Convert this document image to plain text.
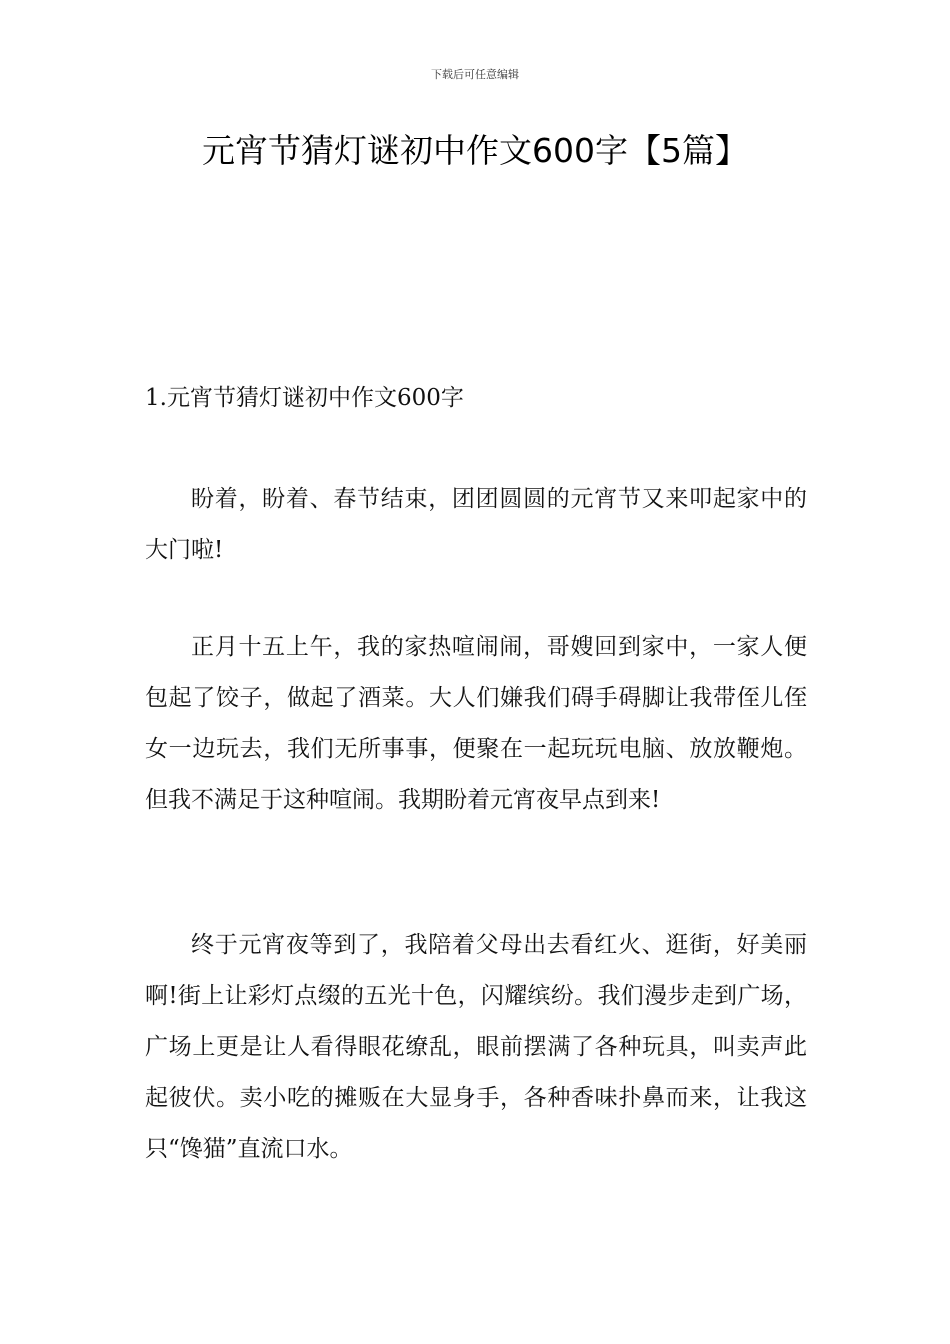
下载后可任意编辑
元宵节猜灯谜初中作文600字【5篇】
1.元宵节猜灯谜初中作文600字

盼着，盼着、春节结束，团团圆圆的元宵节又来叩起家中的大门啦!

正月十五上午，我的家热喧闹闹，哥嫂回到家中，一家人便包起了饺子，做起了酒菜。大人们嫌我们碍手碍脚让我带侄儿侄女一边玩去，我们无所事事，便聚在一起玩玩电脑、放放鞭炮。但我不满足于这种喧闹。我期盼着元宵夜早点到来!

终于元宵夜等到了，我陪着父母出去看红火、逛街，好美丽啊!街上让彩灯点缀的五光十色，闪耀缤纷。我们漫步走到广场，广场上更是让人看得眼花缭乱，眼前摆满了各种玩具，叫卖声此起彼伏。卖小吃的摊贩在大显身手，各种香味扑鼻而来，让我这只“馋猫”直流口水。
